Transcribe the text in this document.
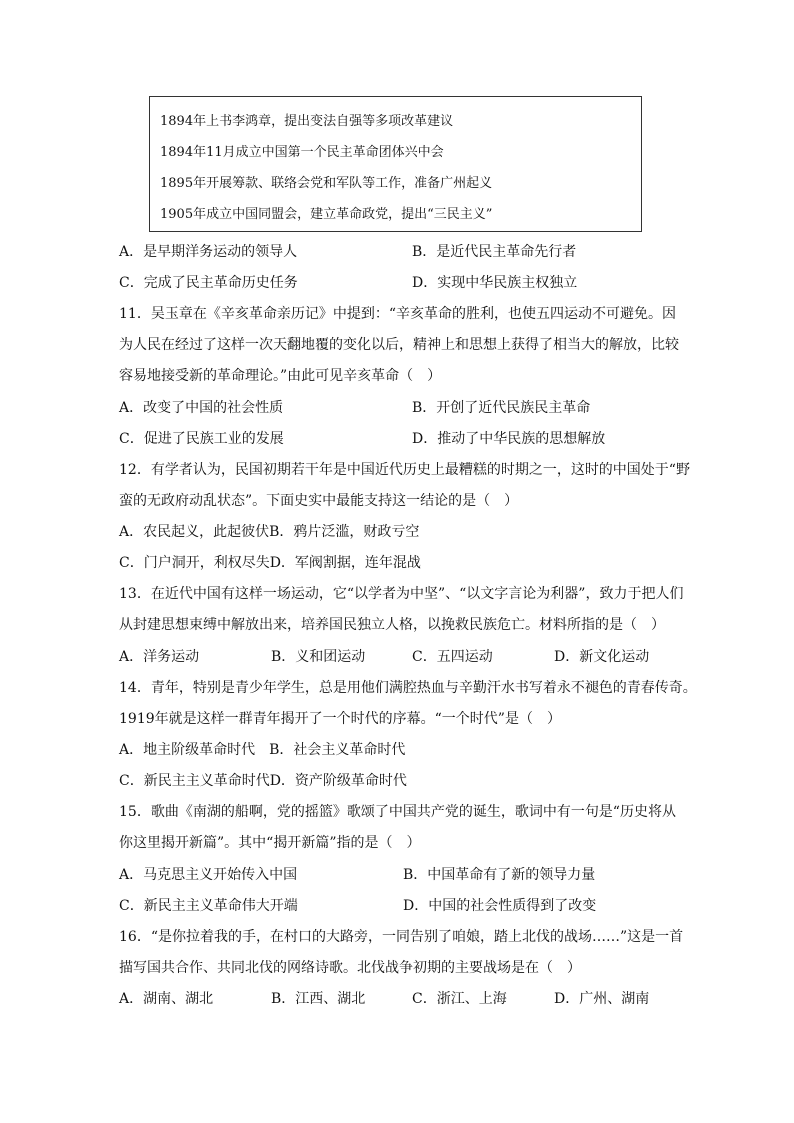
1894年上书李鸿章，提出变法自强等多项改革建议
1894年11月成立中国第一个民主革命团体兴中会
1895年开展筹款、联络会党和军队等工作，准备广州起义
1905年成立中国同盟会，建立革命政党，提出“三民主义”
A．是早期洋务运动的领导人	B．是近代民主革命先行者
C．完成了民主革命历史任务	D．实现中华民族主权独立
11．吴玉章在《辛亥革命亲历记》中提到：“辛亥革命的胜利，也使五四运动不可避免。因
为人民在经过了这样一次天翻地覆的变化以后，精神上和思想上获得了相当大的解放，比较
容易地接受新的革命理论。”由此可见辛亥革命（　）
A．改变了中国的社会性质	B．开创了近代民族民主革命
C．促进了民族工业的发展	D．推动了中华民族的思想解放
12．有学者认为，民国初期若干年是中国近代历史上最糟糕的时期之一，这时的中国处于“野
蛮的无政府动乱状态”。下面史实中最能支持这一结论的是（　）
A．农民起义，此起彼伏B．鸦片泛滥，财政亏空
C．门户洞开，利权尽失D．军阀割据，连年混战
13．在近代中国有这样一场运动，它“以学者为中坚”、“以文字言论为利器”，致力于把人们
从封建思想束缚中解放出来，培养国民独立人格，以挽救民族危亡。材料所指的是（　）
A．洋务运动	B．义和团运动	C．五四运动	D．新文化运动
14．青年，特别是青少年学生，总是用他们满腔热血与辛勤汗水书写着永不褪色的青春传奇。
1919年就是这样一群青年揭开了一个时代的序幕。“一个时代”是（　）
A．地主阶级革命时代　B．社会主义革命时代
C．新民主主义革命时代D．资产阶级革命时代
15．歌曲《南湖的船啊，党的摇篮》歌颂了中国共产党的诞生，歌词中有一句是“历史将从
你这里揭开新篇”。其中“揭开新篇”指的是（　）
A．马克思主义开始传入中国	B．中国革命有了新的领导力量
C．新民主主义革命伟大开端	D．中国的社会性质得到了改变
16．“是你拉着我的手，在村口的大路旁，一同告别了咱娘，踏上北伐的战场……”这是一首
描写国共合作、共同北伐的网络诗歌。北伐战争初期的主要战场是在（　）
A．湖南、湖北	B．江西、湖北	C．浙江、上海	D．广州、湖南
